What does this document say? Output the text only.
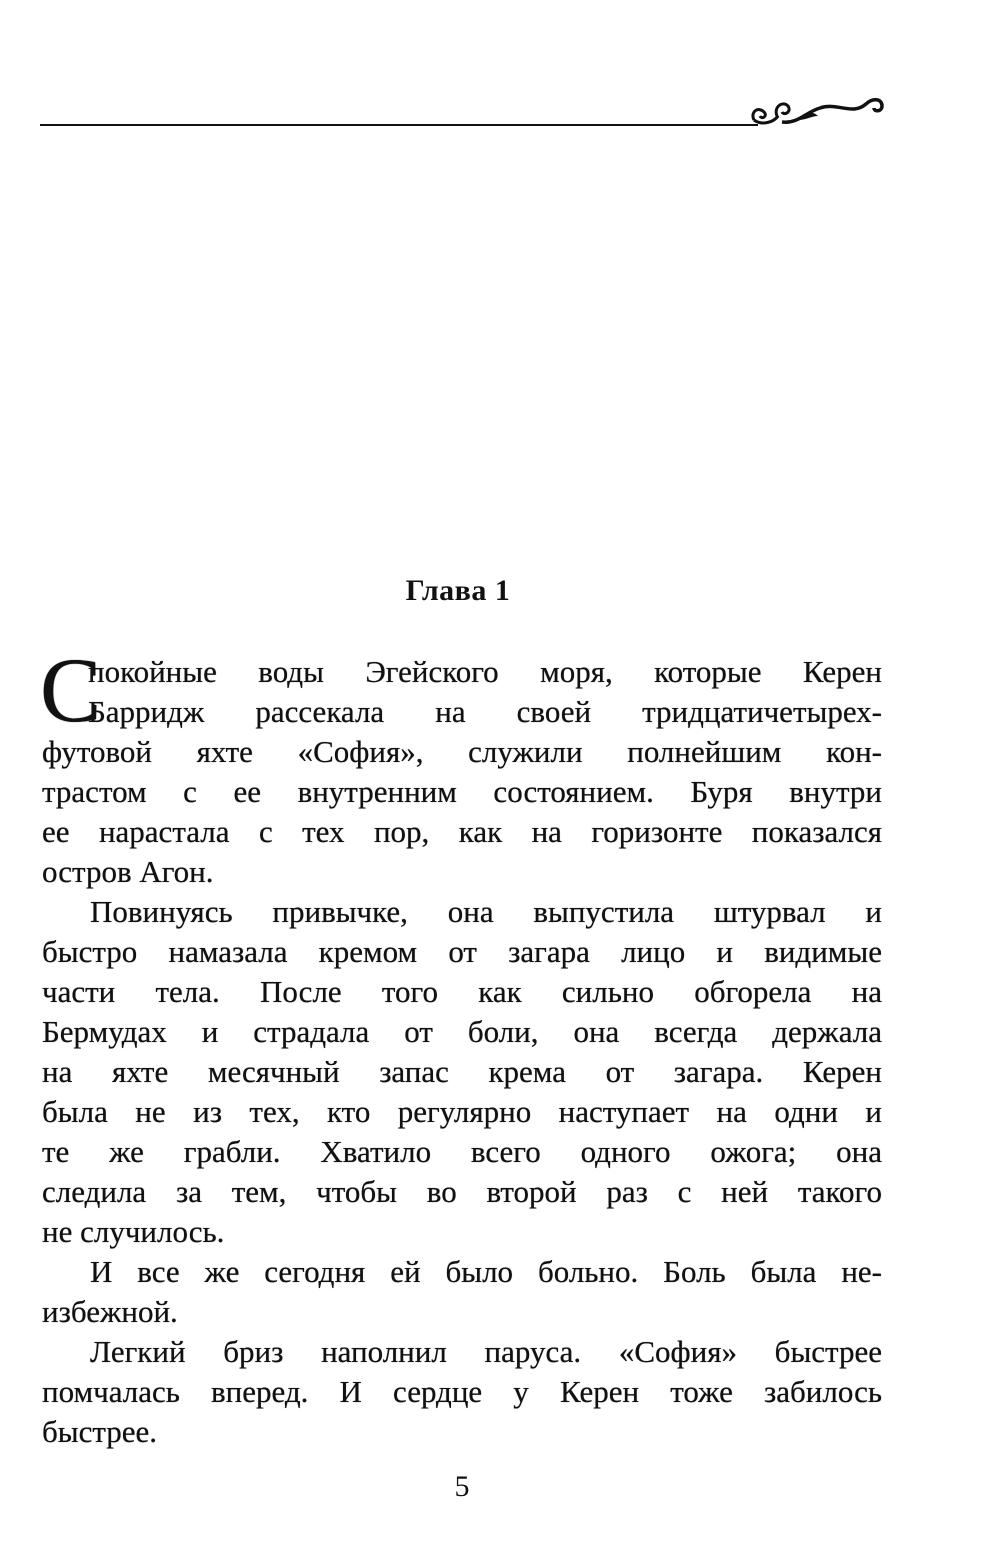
Глава 1
С
покойные воды Эгейского моря, которые Керен
Барридж рассекала на своей тридцатичетырех-
футовой яхте «София», служили полнейшим кон-
трастом с ее внутренним состоянием. Буря внутри
ее нарастала с тех пор, как на горизонте показался
остров Агон.
Повинуясь привычке, она выпустила штурвал и
быстро намазала кремом от загара лицо и видимые
части тела. После того как сильно обгорела на
Бермудах и страдала от боли, она всегда держала
на яхте месячный запас крема от загара. Керен
была не из тех, кто регулярно наступает на одни и
те же грабли. Хватило всего одного ожога; она
следила за тем, чтобы во второй раз с ней такого
не случилось.
И все же сегодня ей было больно. Боль была не-
избежной.
Легкий бриз наполнил паруса. «София» быстрее
помчалась вперед. И сердце у Керен тоже забилось
быстрее.
5
